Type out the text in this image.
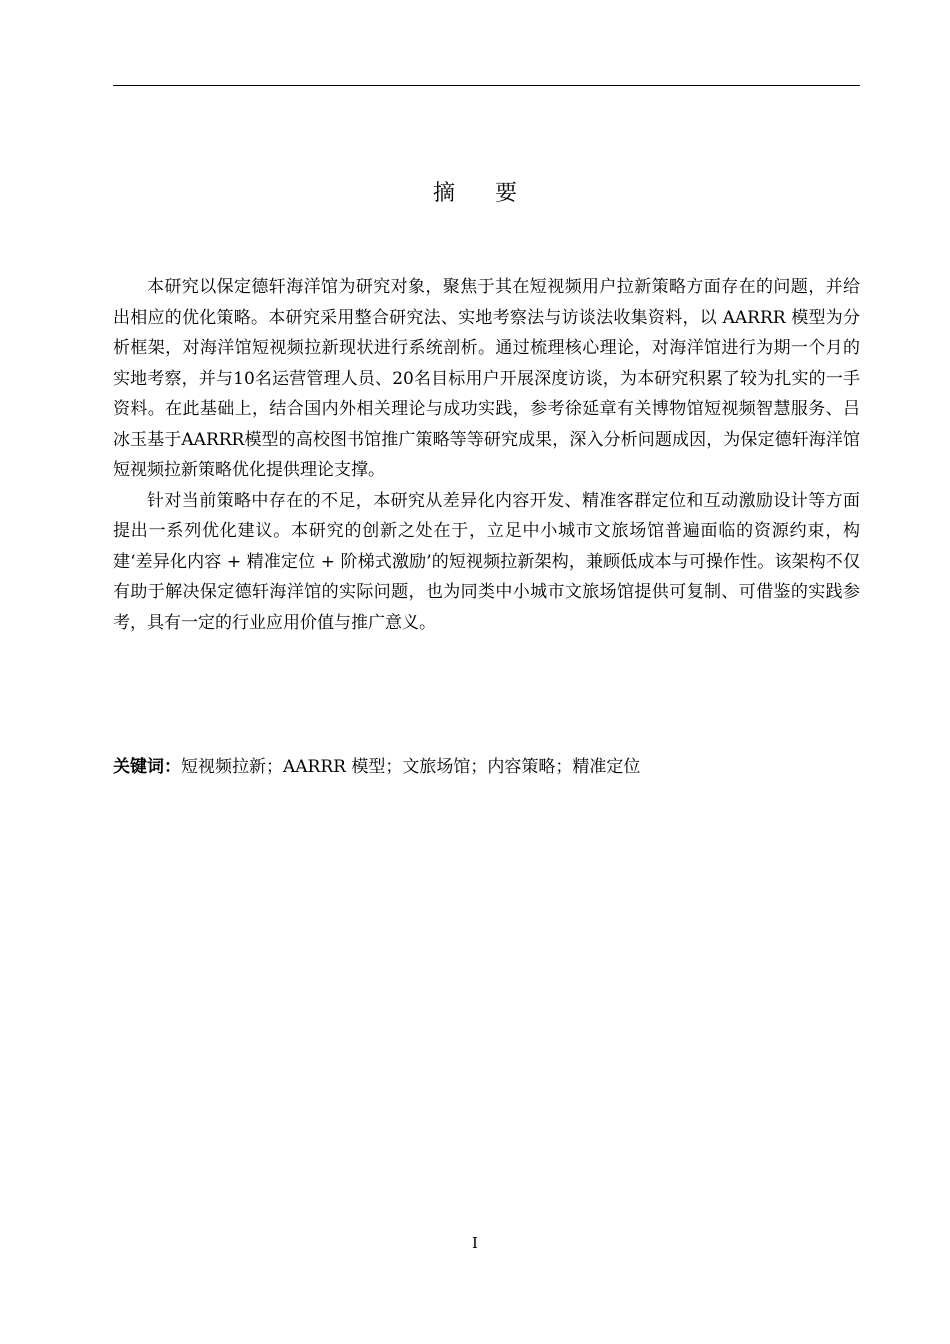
摘要

本研究以保定德轩海洋馆为研究对象，聚焦于其在短视频用户拉新策略方面存在的问题，并给出相应的优化策略。本研究采用整合研究法、实地考察法与访谈法收集资料，以 AARRR 模型为分析框架，对海洋馆短视频拉新现状进行系统剖析。通过梳理核心理论，对海洋馆进行为期一个月的实地考察，并与10名运营管理人员、20名目标用户开展深度访谈，为本研究积累了较为扎实的一手资料。在此基础上，结合国内外相关理论与成功实践，参考徐延章有关博物馆短视频智慧服务、吕冰玉基于AARRR模型的高校图书馆推广策略等等研究成果，深入分析问题成因，为保定德轩海洋馆短视频拉新策略优化提供理论支撑。

针对当前策略中存在的不足，本研究从差异化内容开发、精准客群定位和互动激励设计等方面提出一系列优化建议。本研究的创新之处在于，立足中小城市文旅场馆普遍面临的资源约束，构建‘差异化内容 + 精准定位 + 阶梯式激励’的短视频拉新架构，兼顾低成本与可操作性。该架构不仅有助于解决保定德轩海洋馆的实际问题，也为同类中小城市文旅场馆提供可复制、可借鉴的实践参考，具有一定的行业应用价值与推广意义。

关键词：短视频拉新；AARRR 模型；文旅场馆；内容策略；精准定位
I
